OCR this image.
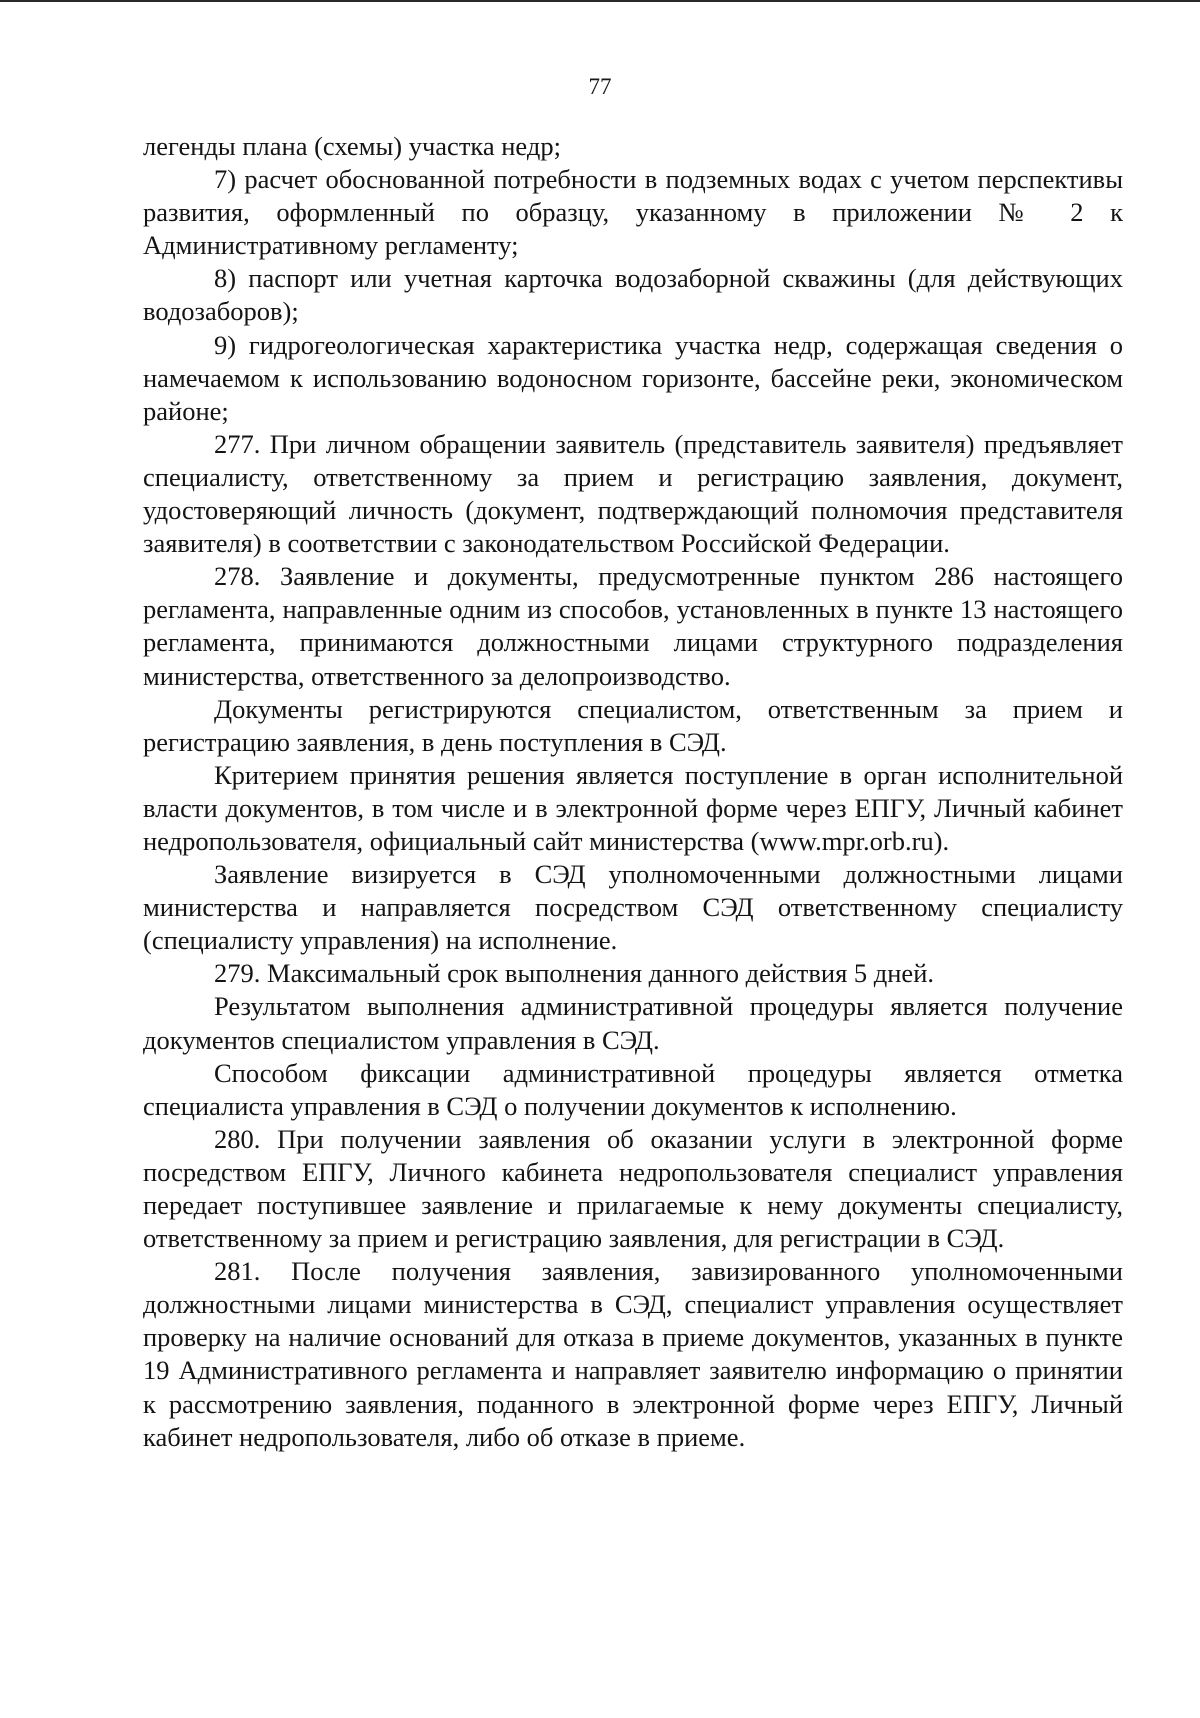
77

легенды плана (схемы) участка недр;

7) расчет обоснованной потребности в подземных водах с учетом перспективы развития, оформленный по образцу, указанному в приложении № 2 к Административному регламенту;

8) паспорт или учетная карточка водозаборной скважины (для действующих водозаборов);

9) гидрогеологическая характеристика участка недр, содержащая сведения о намечаемом к использованию водоносном горизонте, бассейне реки, экономическом районе;

277. При личном обращении заявитель (представитель заявителя) предъявляет специалисту, ответственному за прием и регистрацию заявления, документ, удостоверяющий личность (документ, подтверждающий полномочия представителя заявителя) в соответствии с законодательством Российской Федерации.

278. Заявление и документы, предусмотренные пунктом 286 настоящего регламента, направленные одним из способов, установленных в пункте 13 настоящего регламента, принимаются должностными лицами структурного подразделения министерства, ответственного за делопроизводство.

Документы регистрируются специалистом, ответственным за прием и регистрацию заявления, в день поступления в СЭД.

Критерием принятия решения является поступление в орган исполнительной власти документов, в том числе и в электронной форме через ЕПГУ, Личный кабинет недропользователя, официальный сайт министерства (www.mpr.orb.ru).

Заявление визируется в СЭД уполномоченными должностными лицами министерства и направляется посредством СЭД ответственному специалисту (специалисту управления) на исполнение.

279. Максимальный срок выполнения данного действия 5 дней.

Результатом выполнения административной процедуры является получение документов специалистом управления в СЭД.

Способом фиксации административной процедуры является отметка специалиста управления в СЭД о получении документов к исполнению.

280. При получении заявления об оказании услуги в электронной форме посредством ЕПГУ, Личного кабинета недропользователя специалист управления передает поступившее заявление и прилагаемые к нему документы специалисту, ответственному за прием и регистрацию заявления, для регистрации в СЭД.

281. После получения заявления, завизированного уполномоченными должностными лицами министерства в СЭД, специалист управления осуществляет проверку на наличие оснований для отказа в приеме документов, указанных в пункте 19 Административного регламента и направляет заявителю информацию о принятии к рассмотрению заявления, поданного в электронной форме через ЕПГУ, Личный кабинет недропользователя, либо об отказе в приеме.
